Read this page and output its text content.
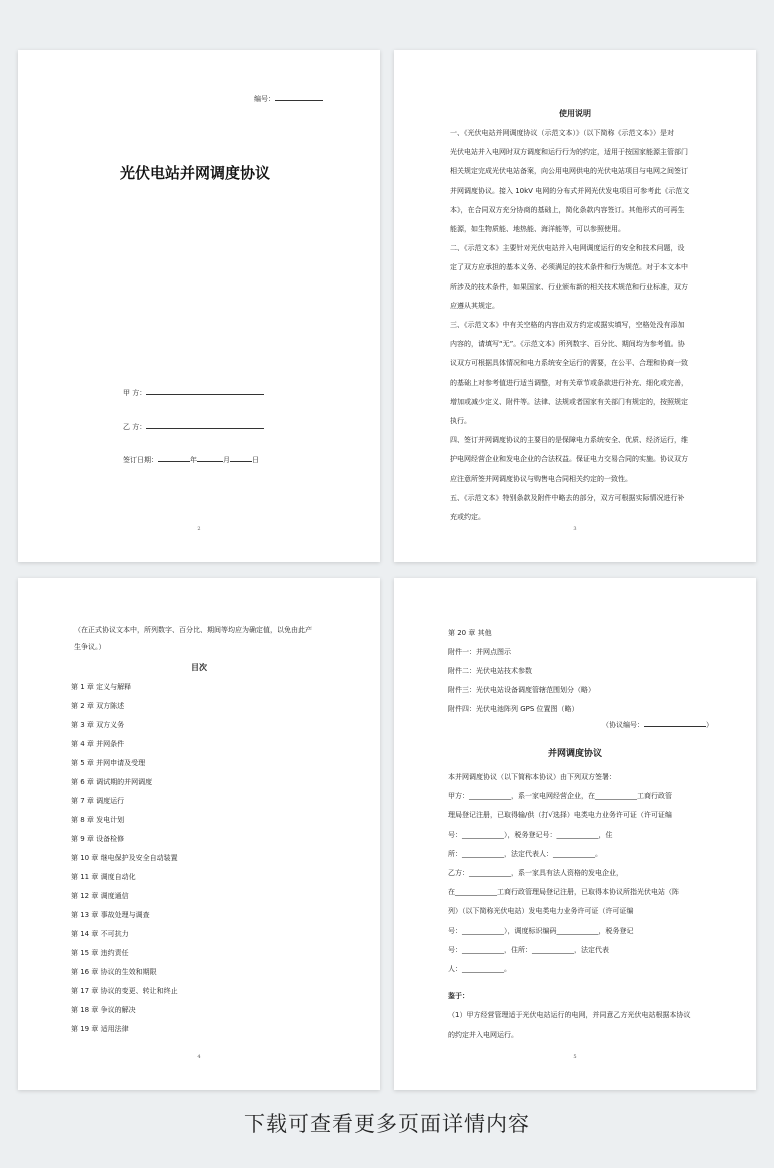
编号：
光伏电站并网调度协议
甲 方：
乙 方：
签订日期：	年	月	日
2
使用说明

一、《光伏电站并网调度协议（示范文本）》（以下简称《示范文本》）是对

光伏电站并入电网时双方调度和运行行为的约定，适用于按国家能源主管部门

相关规定完成光伏电站备案，向公用电网供电的光伏电站项目与电网之间签订

并网调度协议。接入 10kV 电网的分布式并网光伏发电项目可参考此《示范文

本》，在合同双方充分协商的基础上，简化条款内容签订。其他形式的可再生

能源，如生物质能、地热能、海洋能等，可以参照使用。

二、《示范文本》主要针对光伏电站并入电网调度运行的安全和技术问题，设

定了双方应承担的基本义务、必须满足的技术条件和行为规范。对于本文本中

所涉及的技术条件，如果国家、行业颁布新的相关技术规范和行业标准，双方

应遵从其规定。

三、《示范文本》中有关空格的内容由双方约定或据实填写，空格处没有添加

内容的，请填写“无”。《示范文本》所列数字、百分比、期间均为参考值。协

议双方可根据具体情况和电力系统安全运行的需要，在公平、合理和协商一致

的基础上对参考值进行适当调整，对有关章节或条款进行补充、细化或完善，

增加或减少定义、附件等。法律、法规或者国家有关部门有规定的，按照规定

执行。

四、签订并网调度协议的主要目的是保障电力系统安全、优质、经济运行，维

护电网经营企业和发电企业的合法权益。保证电力交易合同的实施。协议双方

应注意所签并网调度协议与购售电合同相关约定的一致性。

五、《示范文本》特别条款及附件中略去的部分，双方可根据实际情况进行补

充或约定。

3

（在正式协议文本中，所列数字、百分比、期间等均应为确定值，以免由此产

生争议。）

目次
第 1 章 定义与解释
第 2 章 双方陈述
第 3 章 双方义务
第 4 章 并网条件
第 5 章 并网申请及受理
第 6 章 调试期的并网调度
第 7 章 调度运行
第 8 章 发电计划
第 9 章 设备检修
第 10 章 继电保护及安全自动装置
第 11 章 调度自动化
第 12 章 调度通信
第 13 章 事故处理与调查
第 14 章 不可抗力
第 15 章 违约责任
第 16 章 协议的生效和期限
第 17 章 协议的变更、转让和终止
第 18 章 争议的解决
第 19 章 适用法律
4
第 20 章 其他
附件一：并网点图示
附件二：光伏电站技术参数
附件三：光伏电站设备调度管辖范围划分（略）
附件四：光伏电池阵列 GPS 位置图（略）
（协议编号：	）
并网调度协议

本并网调度协议（以下简称本协议）由下列双方签署：

甲方：____________，系一家电网经营企业，在____________工商行政管

理局登记注册，已取得输/供（打√选择）电类电力业务许可证（许可证编

号：____________），税务登记号：____________，住

所：____________，法定代表人：____________。

乙方：____________，系一家具有法人资格的发电企业，

在____________工商行政管理局登记注册，已取得本协议所指光伏电站（阵

列）（以下简称光伏电站）发电类电力业务许可证（许可证编

号：____________），调度标识编码____________，税务登记

号：____________，住所：____________，法定代表

人：____________。

鉴于：

（1）甲方经营管理适于光伏电站运行的电网，并同意乙方光伏电站根据本协议

的约定并入电网运行。

5
下载可查看更多页面详情内容
